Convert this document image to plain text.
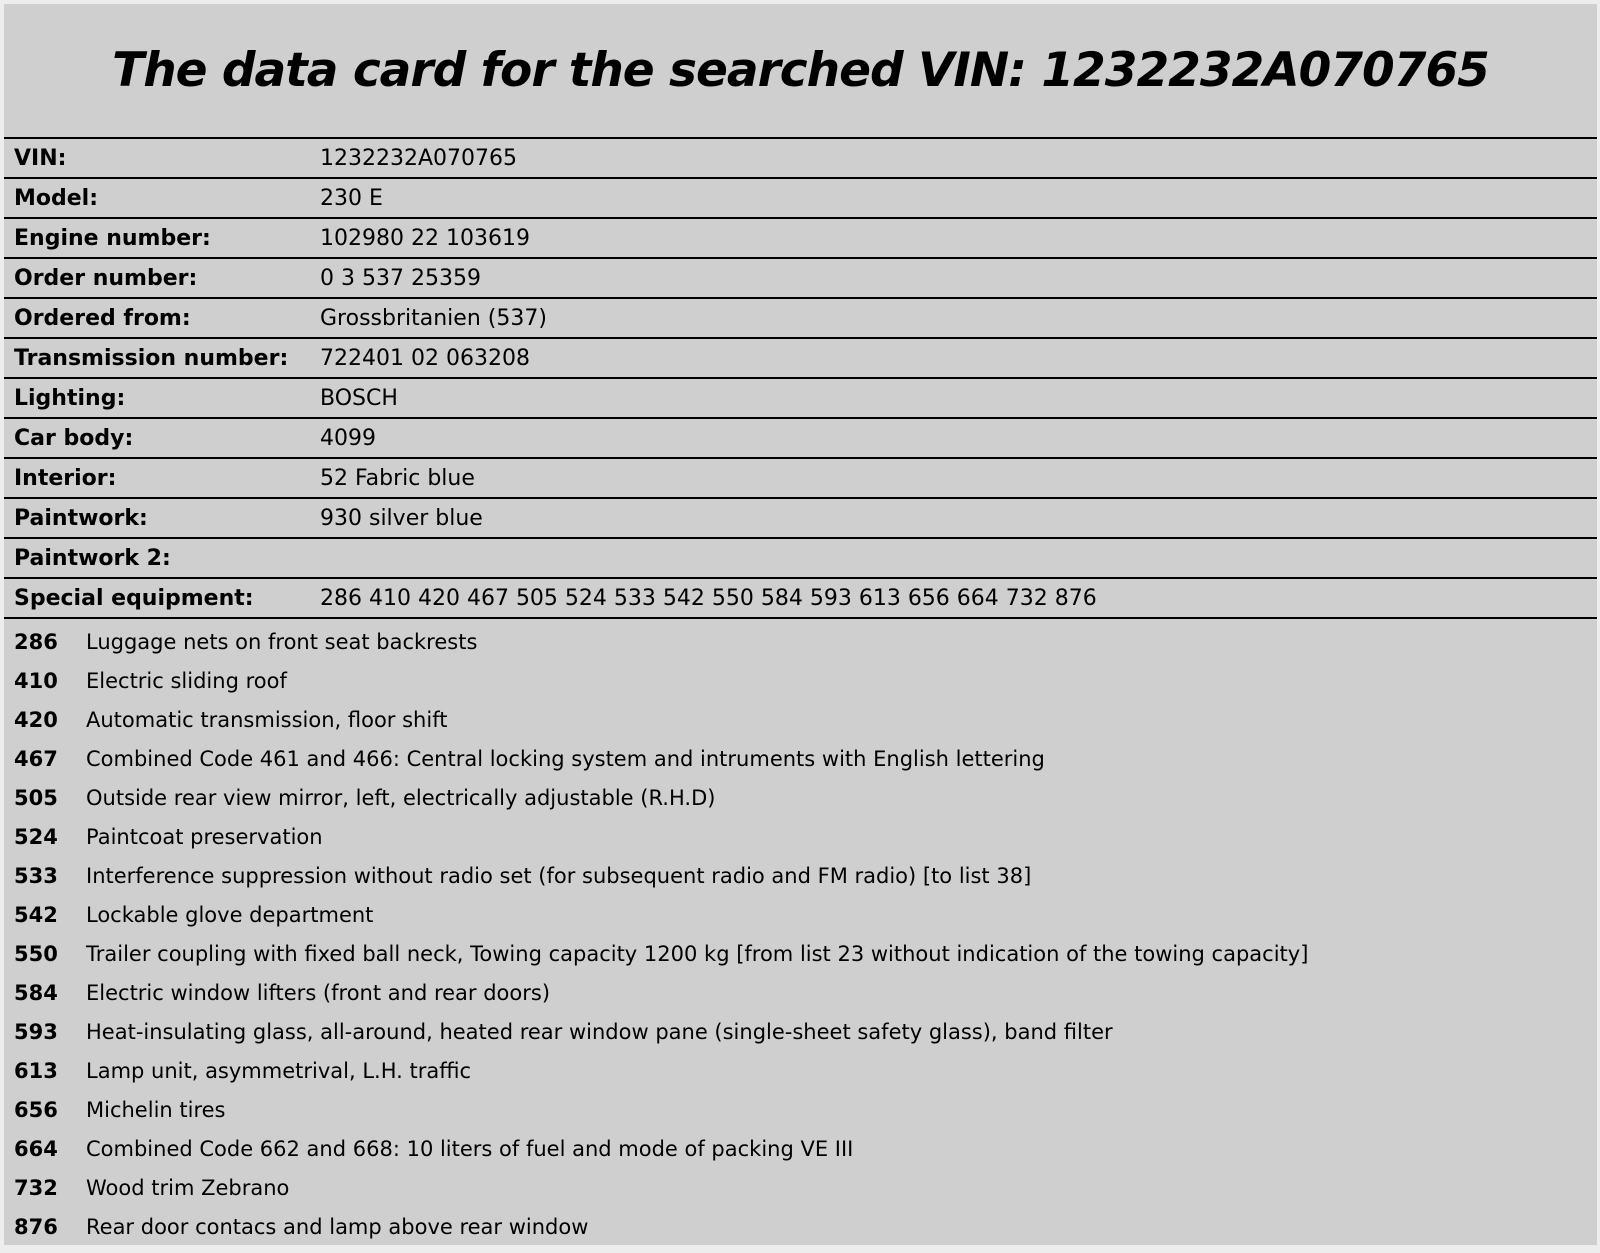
The data card for the searched VIN: 1232232A070765
VIN:	1232232A070765
Model:	230 E
Engine number:	102980 22 103619
Order number:	0 3 537 25359
Ordered from:	Grossbritanien (537)
Transmission number:	722401 02 063208
Lighting:	BOSCH
Car body:	4099
Interior:	52 Fabric blue
Paintwork:	930 silver blue
Paintwork 2:	
Special equipment:	286 410 420 467 505 524 533 542 550 584 593 613 656 664 732 876
286	Luggage nets on front seat backrests
410	Electric sliding roof
420	Automatic transmission, floor shift
467	Combined Code 461 and 466: Central locking system and intruments with English lettering
505	Outside rear view mirror, left, electrically adjustable (R.H.D)
524	Paintcoat preservation
533	Interference suppression without radio set (for subsequent radio and FM radio) [to list 38]
542	Lockable glove department
550	Trailer coupling with fixed ball neck, Towing capacity 1200 kg [from list 23 without indication of the towing capacity]
584	Electric window lifters (front and rear doors)
593	Heat-insulating glass, all-around, heated rear window pane (single-sheet safety glass), band filter
613	Lamp unit, asymmetrival, L.H. traffic
656	Michelin tires
664	Combined Code 662 and 668: 10 liters of fuel and mode of packing VE III
732	Wood trim Zebrano
876	Rear door contacs and lamp above rear window
